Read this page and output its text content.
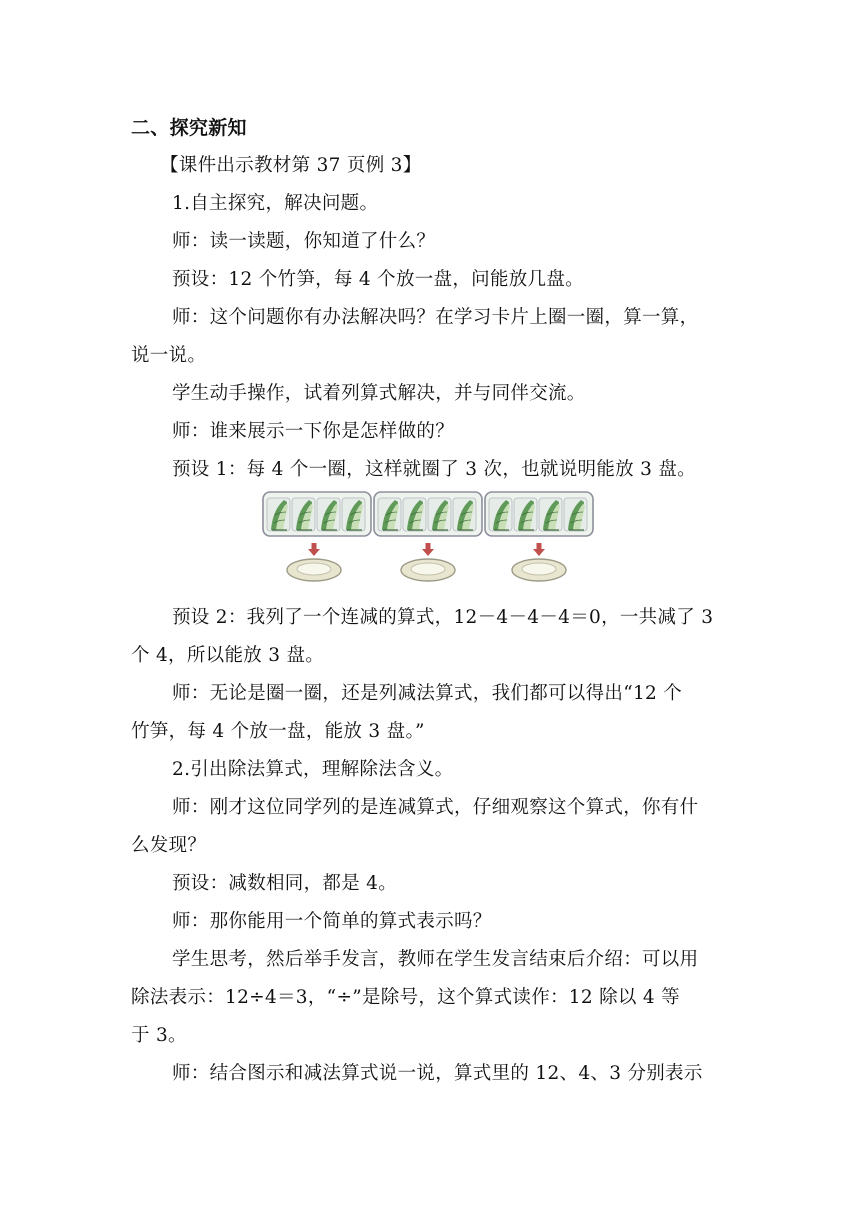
二、探究新知
【课件出示教材第 37 页例 3】
1.自主探究，解决问题。
师：读一读题，你知道了什么？
预设：12 个竹笋，每 4 个放一盘，问能放几盘。
师：这个问题你有办法解决吗？在学习卡片上圈一圈，算一算，
说一说。
学生动手操作，试着列算式解决，并与同伴交流。
师：谁来展示一下你是怎样做的？
预设 1：每 4 个一圈，这样就圈了 3 次，也就说明能放 3 盘。
预设 2：我列了一个连减的算式，12－4－4－4＝0，一共减了 3
个 4，所以能放 3 盘。
师：无论是圈一圈，还是列减法算式，我们都可以得出“12 个
竹笋，每 4 个放一盘，能放 3 盘。”
2.引出除法算式，理解除法含义。
师：刚才这位同学列的是连减算式，仔细观察这个算式，你有什
么发现？
预设：减数相同，都是 4。
师：那你能用一个简单的算式表示吗？
学生思考，然后举手发言，教师在学生发言结束后介绍：可以用
除法表示：12÷4＝3，“÷”是除号，这个算式读作：12 除以 4 等
于 3。
师：结合图示和减法算式说一说，算式里的 12、4、3 分别表示
